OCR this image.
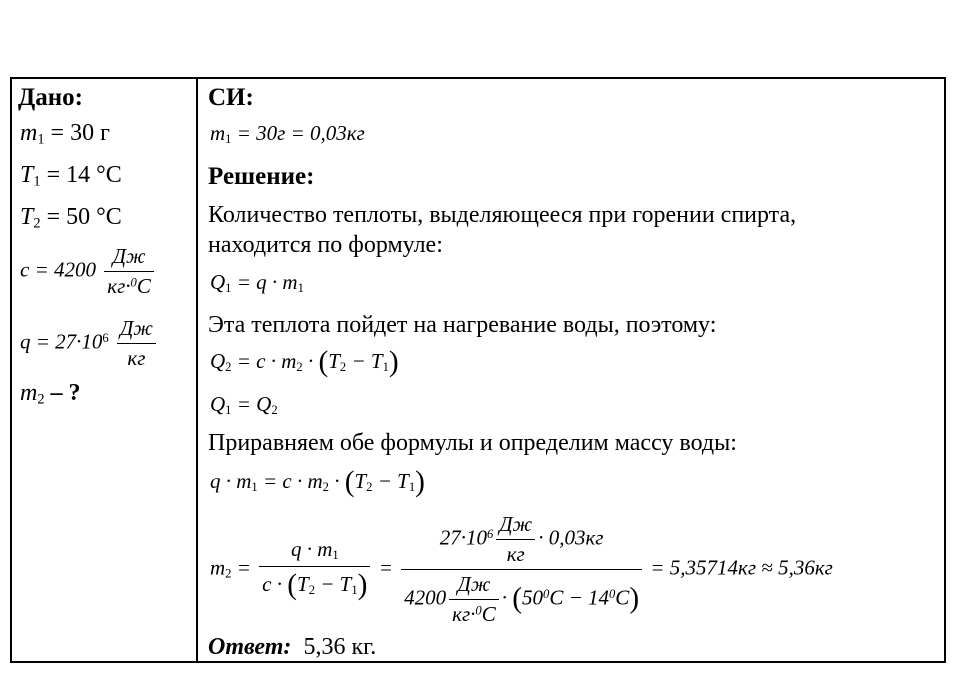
Дано:
$m_1 = 30$ г
$T_1 = 14$ °С
$T_2 = 50$ °С
$c = 4200 \frac{Дж}{кг\cdot^0C}$
$q = 27\cdot 10^6 \frac{Дж}{кг}$
$m_2$ – ?
СИ:
$m_1 = 30г = 0,03кг$
Решение:
Количество теплоты, выделяющееся при горении спирта,
находится по формуле:
$Q_1 = q \cdot m_1$
Эта теплота пойдет на нагревание воды, поэтому:
$Q_2 = c \cdot m_2 \cdot (T_2 - T_1)$
$Q_1 = Q_2$
Приравняем обе формулы и определим массу воды:
$q \cdot m_1 = c \cdot m_2 \cdot (T_2 - T_1)$
$m_2 = \frac{q \cdot m_1}{c \cdot (T_2 - T_1)} = \frac{27\cdot 10^6 \frac{Дж}{кг} \cdot 0,03кг}{4200 \frac{Дж}{кг\cdot^0C} \cdot (50^0C - 14^0C)} = 5,35714кг \approx 5,36кг$
Ответ: 5,36 кг.
